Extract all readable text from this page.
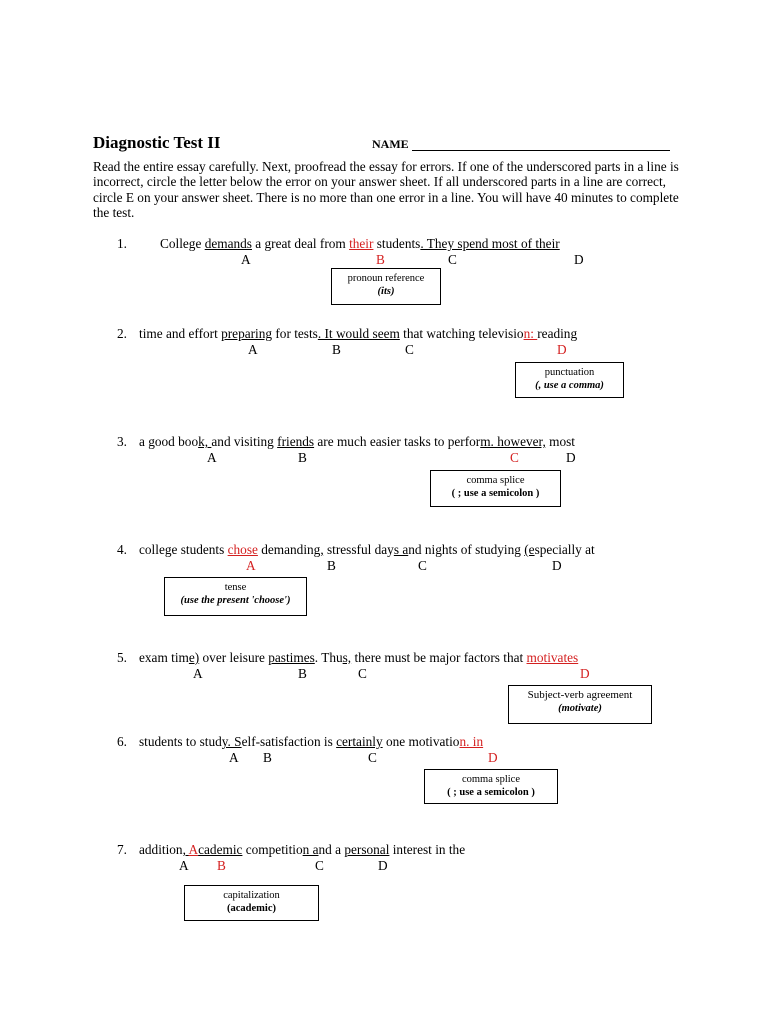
Diagnostic Test II	NAME
Read the entire essay carefully. Next, proofread the essay for errors. If one of the underscored parts in a line is incorrect, circle the letter below the error on your answer sheet. If all underscored parts in a line are correct, circle E on your answer sheet. There is no more than one error in a line. You will have 40 minutes to complete the test.
1. College demands a great deal from their students. They spend most of their
A	B	C	D
pronoun reference
(its)
2. time and effort preparing for tests. It would seem that watching television: reading
A	B	C	D
punctuation
(, use a comma)
3. a good book, and visiting friends are much easier tasks to perform. however, most
A	B	C	D
comma splice
( ; use a semicolon )
4. college students chose demanding, stressful days and nights of studying (especially at
A	B	C	D
tense
(use the present 'choose')
5. exam time) over leisure pastimes. Thus, there must be major factors that motivates
A	B	C	D
Subject-verb agreement
(motivate)
6. students to study. Self-satisfaction is certainly one motivation. in
A B	C	D
comma splice
( ; use a semicolon )
7. addition, Academic competition and a personal interest in the
A B	C	D
capitalization
(academic)
